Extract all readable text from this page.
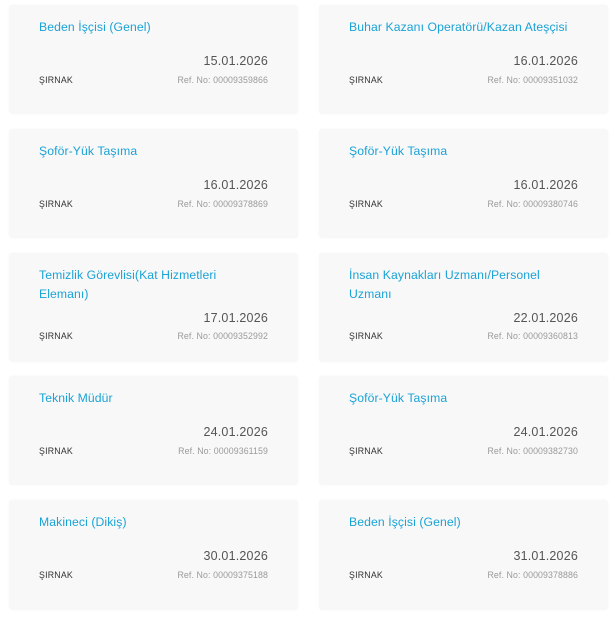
Beden İşçisi (Genel)
15.01.2026
ŞIRNAK	Ref. No: 00009359866
Buhar Kazanı Operatörü/Kazan Ateşçisi
16.01.2026
ŞIRNAK	Ref. No: 00009351032
Şoför-Yük Taşıma
16.01.2026
ŞIRNAK	Ref. No: 00009378869
Şoför-Yük Taşıma
16.01.2026
ŞIRNAK	Ref. No: 00009380746
Temizlik Görevlisi(Kat Hizmetleri Elemanı)
17.01.2026
ŞIRNAK	Ref. No: 00009352992
İnsan Kaynakları Uzmanı/Personel Uzmanı
22.01.2026
ŞIRNAK	Ref. No: 00009360813
Teknik Müdür
24.01.2026
ŞIRNAK	Ref. No: 00009361159
Şoför-Yük Taşıma
24.01.2026
ŞIRNAK	Ref. No: 00009382730
Makineci (Dikiş)
30.01.2026
ŞIRNAK	Ref. No: 00009375188
Beden İşçisi (Genel)
31.01.2026
ŞIRNAK	Ref. No: 00009378886
